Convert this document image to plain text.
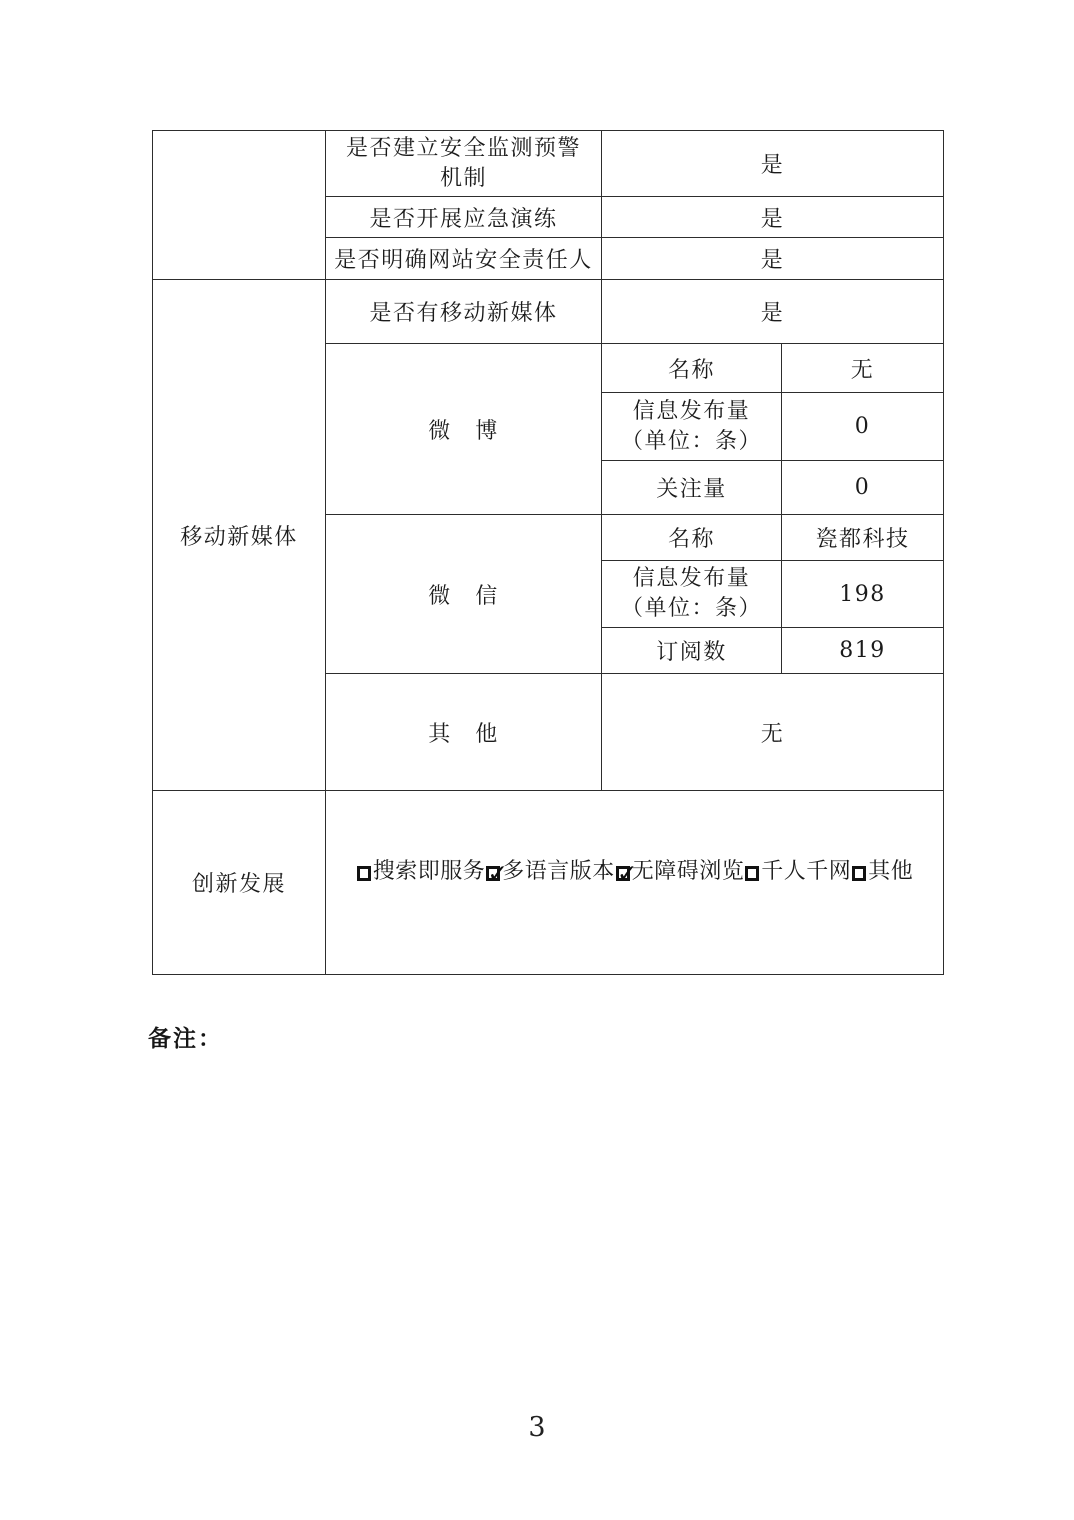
	是否建立安全监测预警
机制	是	
	是否开展应急演练	是	
	是否明确网站安全责任人	是	
移动新媒体	是否有移动新媒体	是	
	微　博	名称	无

		信息发布量
（单位：条）	0
		关注量	0
	微　信	名称	瓷都科技

		信息发布量
（单位：条）	198
		订阅数	819
	其　他	无	
创新发展	搜索即服务 ✓ 多语言版本 ✓ 无障碍浏览 千人千网 其他
备注：
3
